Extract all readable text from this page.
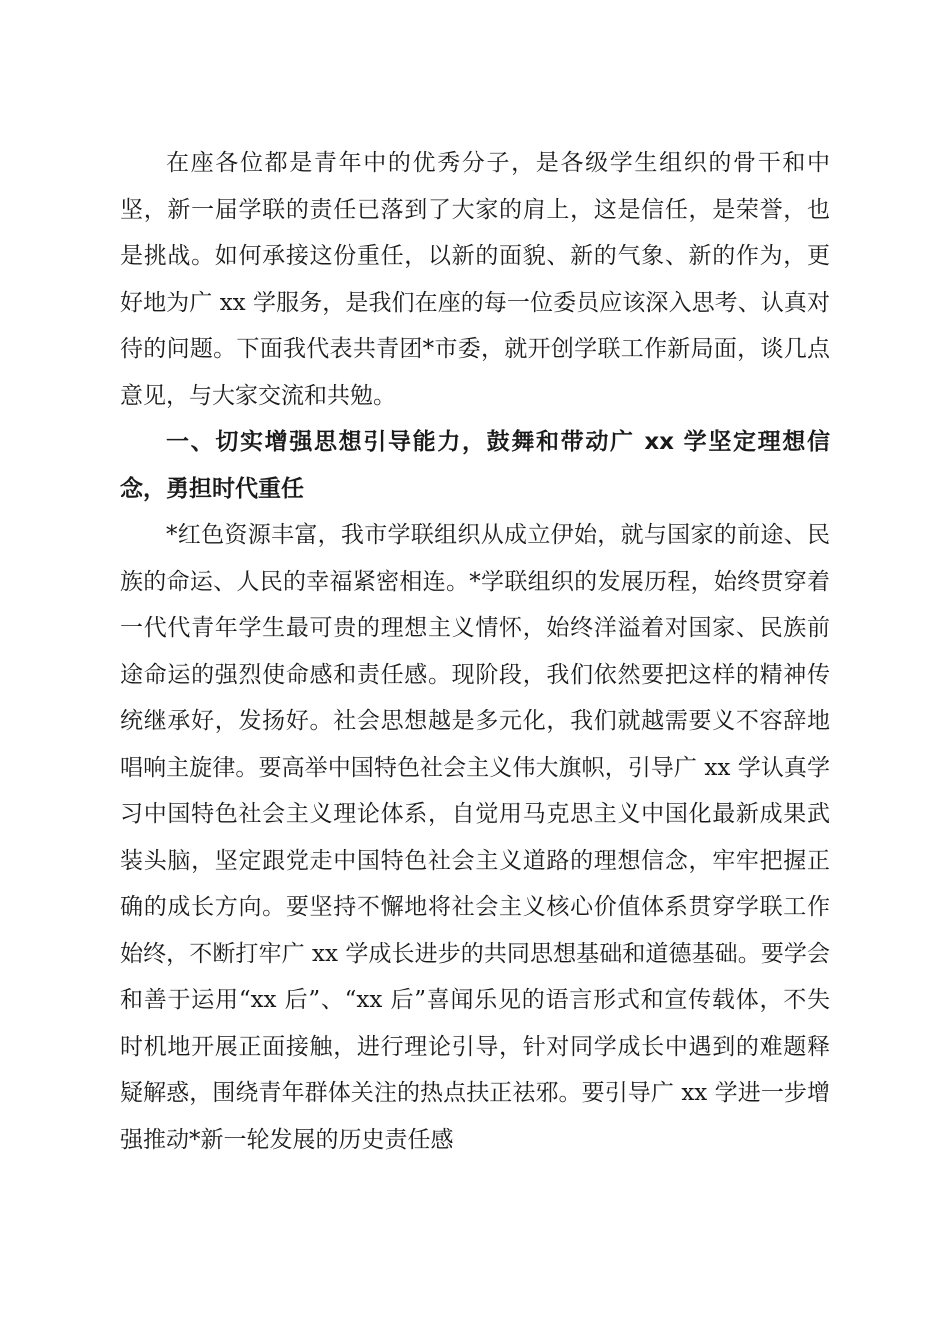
在座各位都是青年中的优秀分子，是各级学生组织的骨干和中坚，新一届学联的责任已落到了大家的肩上，这是信任，是荣誉，也是挑战。如何承接这份重任，以新的面貌、新的气象、新的作为，更好地为广 xx 学服务，是我们在座的每一位委员应该深入思考、认真对待的问题。下面我代表共青团*市委，就开创学联工作新局面，谈几点意见，与大家交流和共勉。

一、切实增强思想引导能力，鼓舞和带动广 xx 学坚定理想信念，勇担时代重任

*红色资源丰富，我市学联组织从成立伊始，就与国家的前途、民族的命运、人民的幸福紧密相连。*学联组织的发展历程，始终贯穿着一代代青年学生最可贵的理想主义情怀，始终洋溢着对国家、民族前途命运的强烈使命感和责任感。现阶段，我们依然要把这样的精神传统继承好，发扬好。社会思想越是多元化，我们就越需要义不容辞地唱响主旋律。要高举中国特色社会主义伟大旗帜，引导广 xx 学认真学习中国特色社会主义理论体系，自觉用马克思主义中国化最新成果武装头脑，坚定跟党走中国特色社会主义道路的理想信念，牢牢把握正确的成长方向。要坚持不懈地将社会主义核心价值体系贯穿学联工作始终，不断打牢广 xx 学成长进步的共同思想基础和道德基础。要学会和善于运用“xx 后”、“xx 后”喜闻乐见的语言形式和宣传载体，不失时机地开展正面接触，进行理论引导，针对同学成长中遇到的难题释疑解惑，围绕青年群体关注的热点扶正祛邪。要引导广 xx 学进一步增强推动*新一轮发展的历史责任感
